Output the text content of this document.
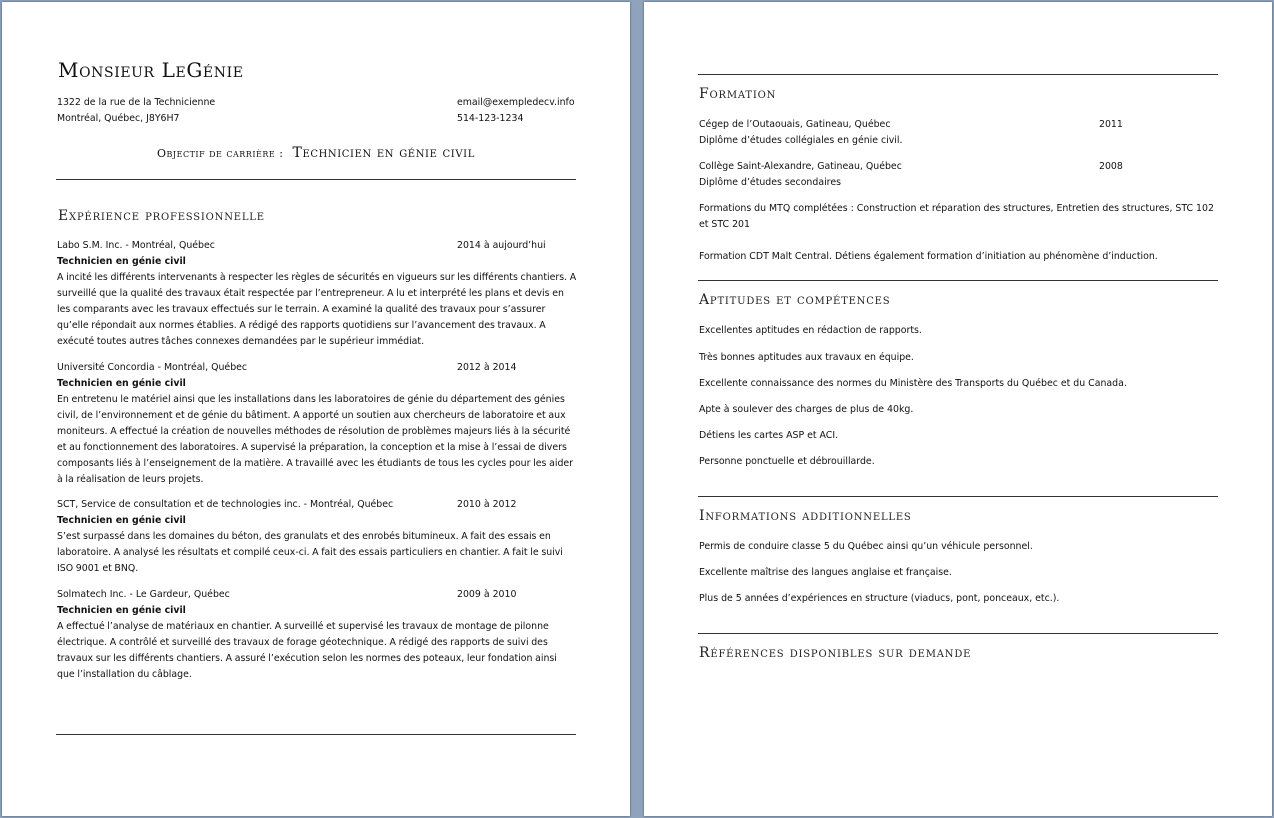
Monsieur LeGénie
1322 de la rue de la Technicienne
Montréal, Québec, J8Y6H7
email@exempledecv.info
514-123-1234
Objectif de carrière : Technicien en génie civil
Expérience professionnelle
Labo S.M. Inc. - Montréal, Québec	2014 à aujourd’hui
Technicien en génie civil
A incité les différents intervenants à respecter les règles de sécurités en vigueurs sur les différents chantiers. A surveillé que la qualité des travaux était respectée par l’entrepreneur. A lu et interprété les plans et devis en les comparants avec les travaux effectués sur le terrain. A examiné la qualité des travaux pour s’assurer qu’elle répondait aux normes établies. A rédigé des rapports quotidiens sur l’avancement des travaux. A exécuté toutes autres tâches connexes demandées par le supérieur immédiat.
Université Concordia - Montréal, Québec	2012 à 2014
Technicien en génie civil
En entretenu le matériel ainsi que les installations dans les laboratoires de génie du département des génies civil, de l’environnement et de génie du bâtiment. A apporté un soutien aux chercheurs de laboratoire et aux moniteurs. A effectué la création de nouvelles méthodes de résolution de problèmes majeurs liés à la sécurité et au fonctionnement des laboratoires. A supervisé la préparation, la conception et la mise à l’essai de divers composants liés à l’enseignement de la matière. A travaillé avec les étudiants de tous les cycles pour les aider à la réalisation de leurs projets.
SCT, Service de consultation et de technologies inc. - Montréal, Québec	2010 à 2012
Technicien en génie civil
S’est surpassé dans les domaines du béton, des granulats et des enrobés bitumineux. A fait des essais en laboratoire. A analysé les résultats et compilé ceux-ci. A fait des essais particuliers en chantier. A fait le suivi ISO 9001 et BNQ.
Solmatech Inc. - Le Gardeur, Québec	2009 à 2010
Technicien en génie civil
A effectué l’analyse de matériaux en chantier. A surveillé et supervisé les travaux de montage de pilonne électrique. A contrôlé et surveillé des travaux de forage géotechnique. A rédigé des rapports de suivi des travaux sur les différents chantiers. A assuré l’exécution selon les normes des poteaux, leur fondation ainsi que l’installation du câblage.
Formation
Cégep de l’Outaouais, Gatineau, Québec	2011
Diplôme d’études collégiales en génie civil.
Collège Saint-Alexandre, Gatineau, Québec	2008
Diplôme d’études secondaires
Formations du MTQ complétées : Construction et réparation des structures, Entretien des structures, STC 102 et STC 201
Formation CDT Malt Central. Détiens également formation d’initiation au phénomène d’induction.
Aptitudes et compétences
Excellentes aptitudes en rédaction de rapports.
Très bonnes aptitudes aux travaux en équipe.
Excellente connaissance des normes du Ministère des Transports du Québec et du Canada.
Apte à soulever des charges de plus de 40kg.
Détiens les cartes ASP et ACI.
Personne ponctuelle et débrouillarde.
Informations additionnelles
Permis de conduire classe 5 du Québec ainsi qu’un véhicule personnel.
Excellente maîtrise des langues anglaise et française.
Plus de 5 années d’expériences en structure (viaducs, pont, ponceaux, etc.).
Références disponibles sur demande
